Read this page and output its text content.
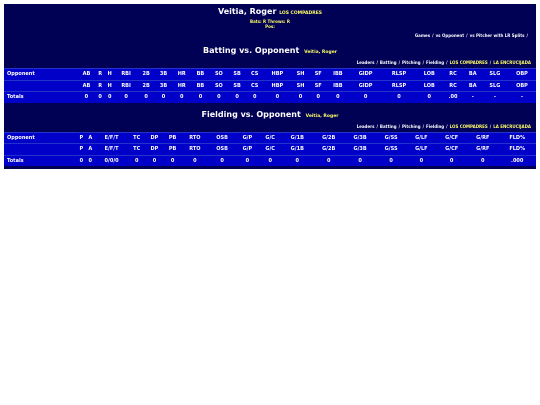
Veitia, Roger LOS COMPADRES
Bats: R Throws: R
Pos:
Games / vs Opponent / vs Pitcher with LR Splits /
Batting vs. Opponent Veitia, Roger
Leaders / Batting / Pitching / Fielding / LOS COMPADRES / LA ENCRUCIJADA
Opponent	AB	R	H	RBI	2B	3B	HR	BB	SO	SB	CS	HBP	SH	SF	IBB	GIDP	RLSP	LOB	RC	BA	SLG	OBP
	AB	R	H	RBI	2B	3B	HR	BB	SO	SB	CS	HBP	SH	SF	IBB	GIDP	RLSP	LOB	RC	BA	SLG	OBP
Totals	0	0	0	0	0	0	0	0	0	0	0	0	0	0	0	0	0	0	.00	-	-	-
Fielding vs. Opponent Veitia, Roger
Leaders / Batting / Pitching / Fielding / LOS COMPADRES / LA ENCRUCIJADA
Opponent	P	A	E/F/T	TC	DP	PB	RTO	OSB	G/P	G/C	G/1B	G/2B	G/3B	G/SS	G/LF	G/CF	G/RF	FLD%
	P	A	E/F/T	TC	DP	PB	RTO	OSB	G/P	G/C	G/1B	G/2B	G/3B	G/SS	G/LF	G/CF	G/RF	FLD%
Totals	0	0	0/0/0	0	0	0	0	0	0	0	0	0	0	0	0	0	0	.000
